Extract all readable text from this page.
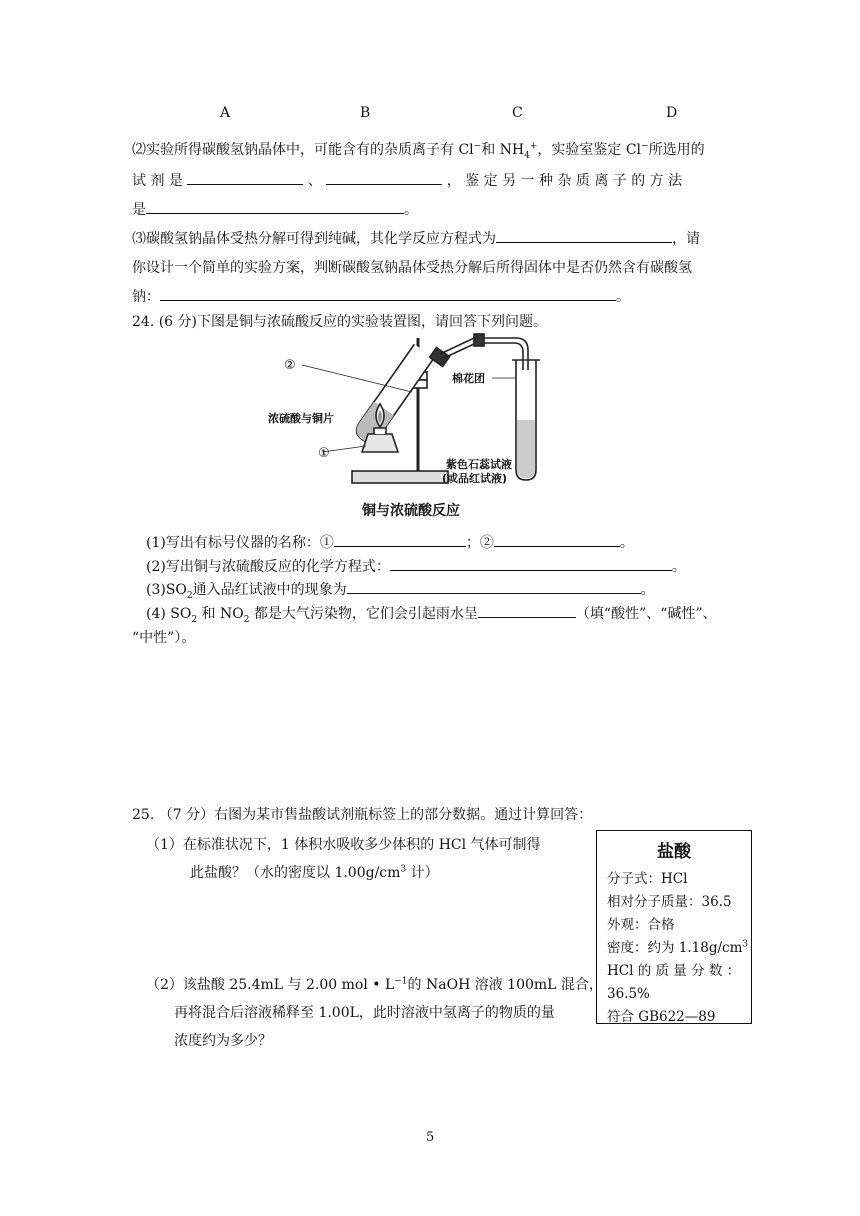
A	B	C	D
⑵实验所得碳酸氢钠晶体中，可能含有的杂质离子有 Cl−和 $NH_4^+$，实验室鉴定 Cl−所选用的
试 剂 是	、	， 鉴 定 另 一 种 杂 质 离 子 的 方 法
是	。
⑶碳酸氢钠晶体受热分解可得到纯碱，其化学反应方程式为	，请
你设计一个简单的实验方案，判断碳酸氢钠晶体受热分解后所得固体中是否仍然含有碳酸氢
钠：	。
24. (6 分)下图是铜与浓硫酸反应的实验装置图，请回答下列问题。
②
浓硫酸与铜片
①
棉花团
紫色石蕊试液
(或品红试液)
铜与浓硫酸反应
(1)写出有标号仪器的名称：①	；②	。
(2)写出铜与浓硫酸反应的化学方程式：	。
$(3)SO_2$通入品红试液中的现象为	。
(4) $SO_2$ 和 $NO_2$ 都是大气污染物，它们会引起雨水呈	（填“酸性”、“碱性”、
“中性”）。
25. （7 分）右图为某市售盐酸试剂瓶标签上的部分数据。通过计算回答：
（1）在标准状况下，1 体积水吸收多少体积的 HCl 气体可制得
此盐酸？（水的密度以 $1.00g/cm^3$ 计）
（2）该盐酸 25.4mL 与 2.00 mol • $L^{-1}$的 NaOH 溶液 100mL 混合，
再将混合后溶液稀释至 1.00L，此时溶液中氢离子的物质的量
浓度约为多少？
盐酸
分子式：HCl
相对分子质量：36.5
外观：合格
密度：约为 $1.18g/cm^3$
HCl 的 质 量 分 数 ：
36.5%
符合 GB622—89
5
